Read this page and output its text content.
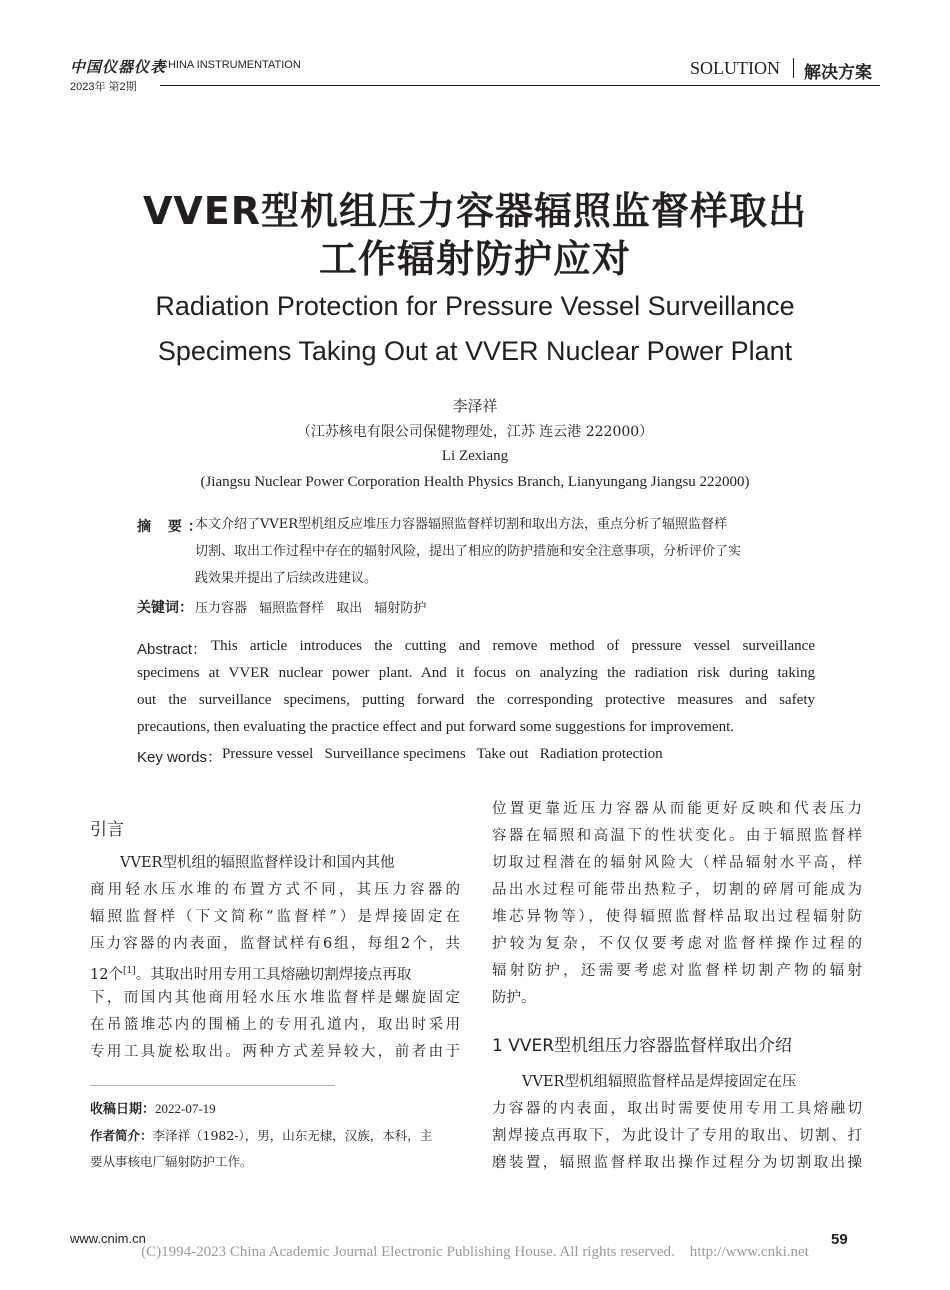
中国仪器仪表
CHINA INSTRUMENTATION
2023年 第2期
SOLUTION 解决方案
VVER型机组压力容器辐照监督样取出
工作辐射防护应对
Radiation Protection for Pressure Vessel Surveillance
Specimens Taking Out at VVER Nuclear Power Plant
李泽祥
（江苏核电有限公司保健物理处，江苏 连云港 222000）
Li Zexiang
(Jiangsu Nuclear Power Corporation Health Physics Branch, Lianyungang Jiangsu 222000)
摘 要：
本文介绍了VVER型机组反应堆压力容器辐照监督样切割和取出方法，重点分析了辐照监督样
切割、取出工作过程中存在的辐射风险，提出了相应的防护措施和安全注意事项，分析评价了实
践效果并提出了后续改进建议。
关键词： 压力容器 辐照监督样 取出 辐射防护
Abstract： This article introduces the cutting and remove method of pressure vessel surveillance
specimens at VVER nuclear power plant. And it focus on analyzing the radiation risk during taking
out the surveillance specimens, putting forward the corresponding protective measures and safety
precautions, then evaluating the practice effect and put forward some suggestions for improvement.
Key words： Pressure vessel   Surveillance specimens   Take out   Radiation protection
引言
VVER型机组的辐照监督样设计和国内其他
商用轻水压水堆的布置方式不同，其压力容器的
辐照监督样（下文简称“监督样”）是焊接固定在
压力容器的内表面，监督试样有6组，每组2个，共
12个[1]。其取出时用专用工具熔融切割焊接点再取
下，而国内其他商用轻水压水堆监督样是螺旋固定
在吊篮堆芯内的围桶上的专用孔道内，取出时采用
专用工具旋松取出。两种方式差异较大，前者由于
收稿日期：2022-07-19
作者简介：李泽祥（1982-），男，山东无棣，汉族，本科，主
要从事核电厂辐射防护工作。
位置更靠近压力容器从而能更好反映和代表压力
容器在辐照和高温下的性状变化。由于辐照监督样
切取过程潜在的辐射风险大（样品辐射水平高，样
品出水过程可能带出热粒子，切割的碎屑可能成为
堆芯异物等），使得辐照监督样品取出过程辐射防
护较为复杂，不仅仅要考虑对监督样操作过程的
辐射防护，还需要考虑对监督样切割产物的辐射
防护。
1 VVER型机组压力容器监督样取出介绍
VVER型机组辐照监督样品是焊接固定在压
力容器的内表面，取出时需要使用专用工具熔融切
割焊接点再取下，为此设计了专用的取出、切割、打
磨装置，辐照监督样取出操作过程分为切割取出操
www.cnim.cn	59
(C)1994-2023 China Academic Journal Electronic Publishing House. All rights reserved.    http://www.cnki.net
